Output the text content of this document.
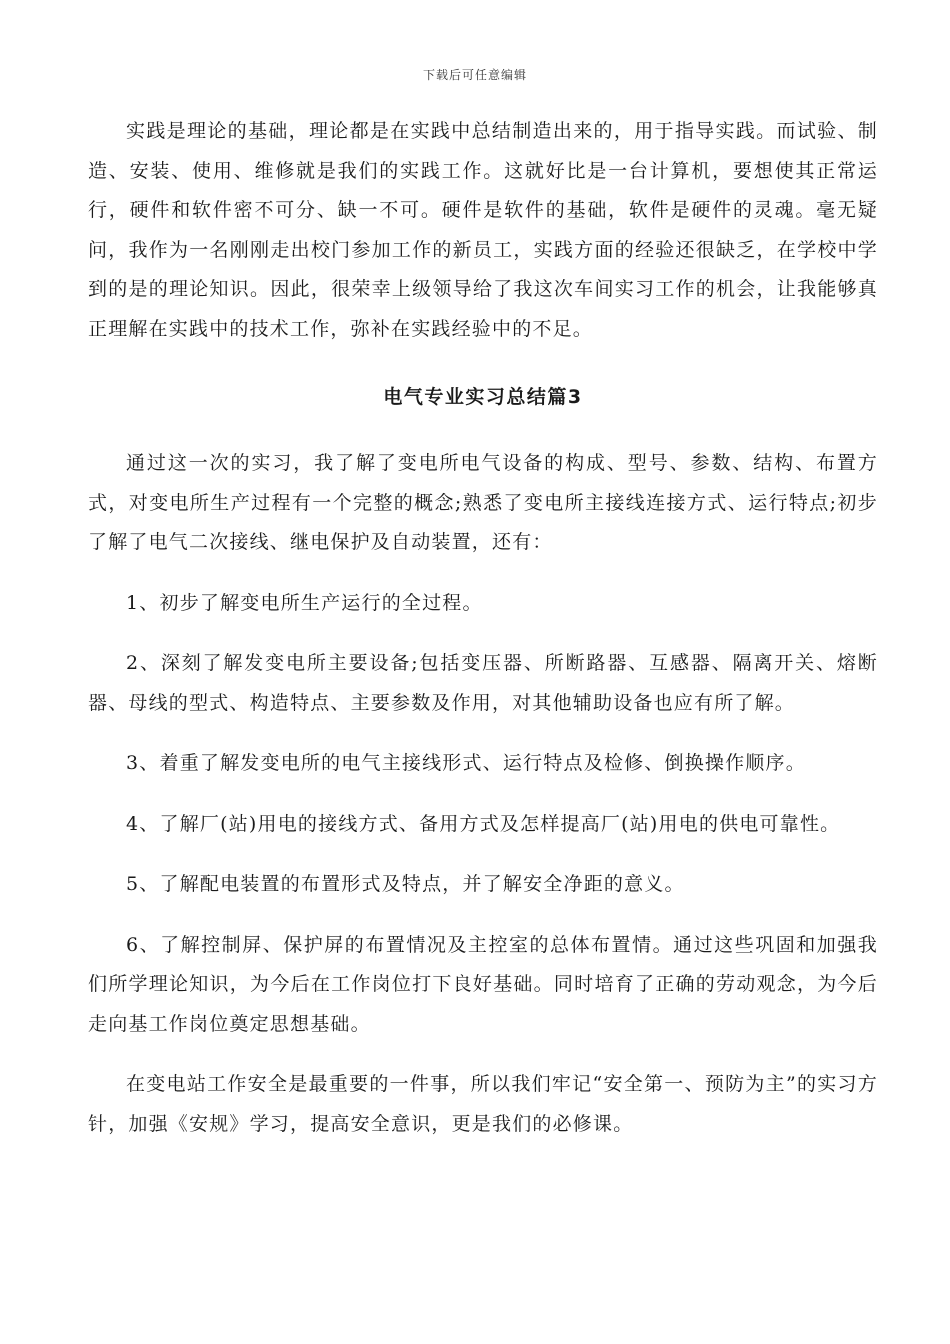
下载后可任意编辑

实践是理论的基础，理论都是在实践中总结制造出来的，用于指导实践。而试验、制造、安装、使用、维修就是我们的实践工作。这就好比是一台计算机，要想使其正常运行，硬件和软件密不可分、缺一不可。硬件是软件的基础，软件是硬件的灵魂。毫无疑问，我作为一名刚刚走出校门参加工作的新员工，实践方面的经验还很缺乏，在学校中学到的是的理论知识。因此，很荣幸上级领导给了我这次车间实习工作的机会，让我能够真正理解在实践中的技术工作，弥补在实践经验中的不足。

电气专业实习总结篇3

通过这一次的实习，我了解了变电所电气设备的构成、型号、参数、结构、布置方式，对变电所生产过程有一个完整的概念;熟悉了变电所主接线连接方式、运行特点;初步了解了电气二次接线、继电保护及自动装置，还有：

1、初步了解变电所生产运行的全过程。

2、深刻了解发变电所主要设备;包括变压器、所断路器、互感器、隔离开关、熔断器、母线的型式、构造特点、主要参数及作用，对其他辅助设备也应有所了解。

3、着重了解发变电所的电气主接线形式、运行特点及检修、倒换操作顺序。

4、了解厂(站)用电的接线方式、备用方式及怎样提高厂(站)用电的供电可靠性。

5、了解配电装置的布置形式及特点，并了解安全净距的意义。

6、了解控制屏、保护屏的布置情况及主控室的总体布置情。通过这些巩固和加强我们所学理论知识，为今后在工作岗位打下良好基础。同时培育了正确的劳动观念，为今后走向基工作岗位奠定思想基础。

在变电站工作安全是最重要的一件事，所以我们牢记“安全第一、预防为主”的实习方针，加强《安规》学习，提高安全意识，更是我们的必修课。
